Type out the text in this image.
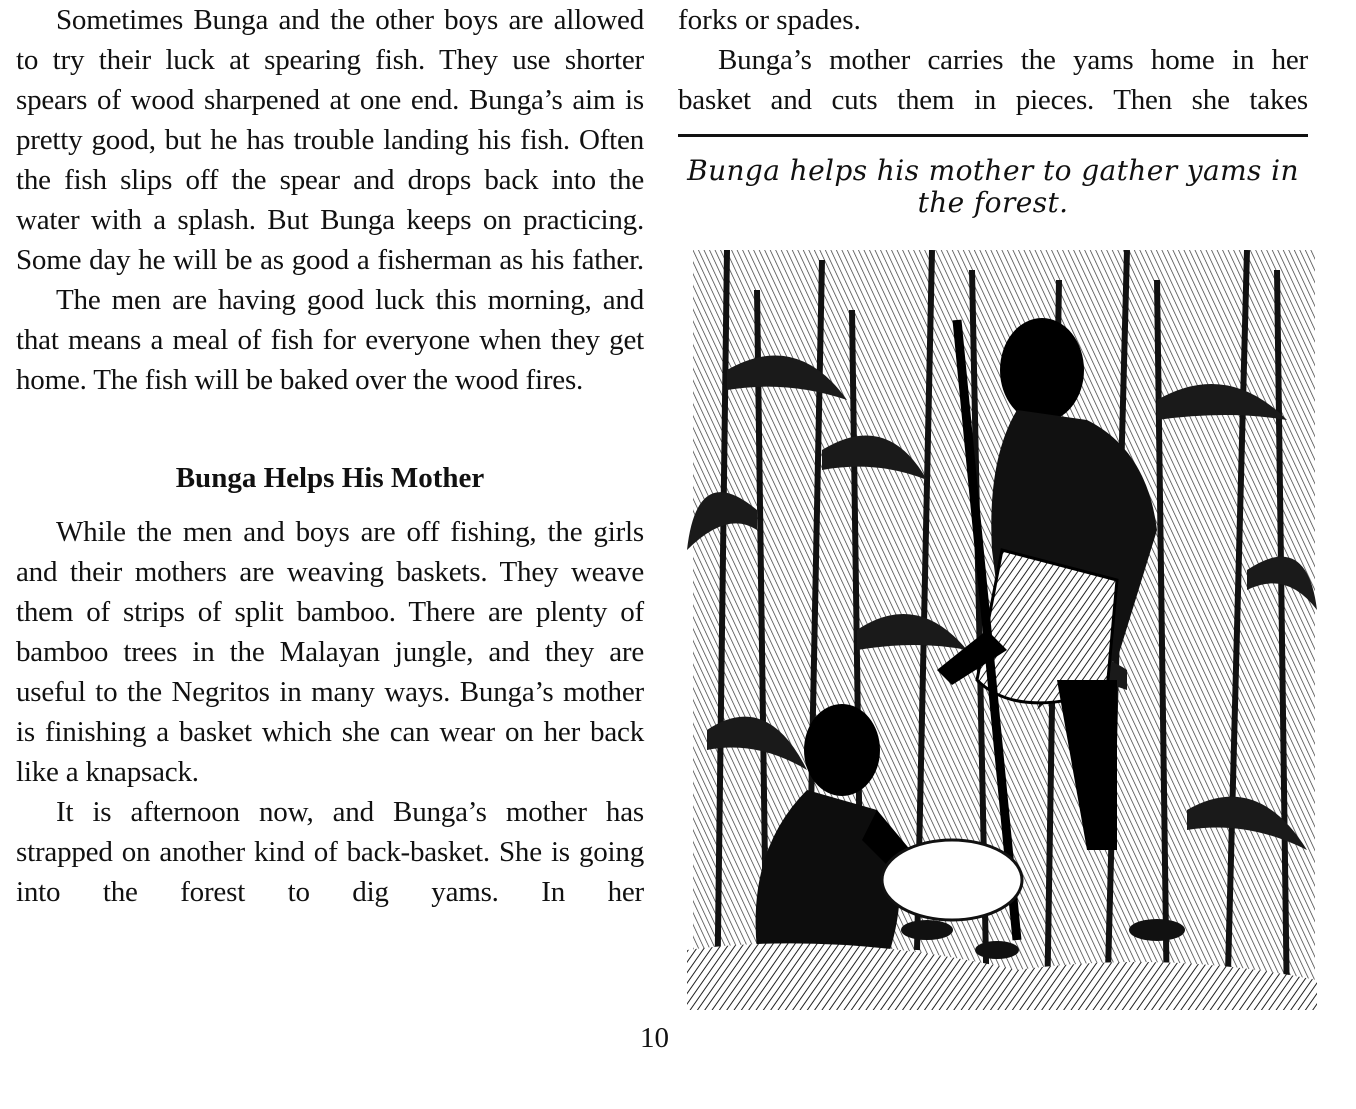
Sometimes Bunga and the other boys are allowed to try their luck at spearing fish. They use shorter spears of wood sharpened at one end. Bunga’s aim is pretty good, but he has trouble landing his fish. Often the fish slips off the spear and drops back into the water with a splash. But Bunga keeps on practicing. Some day he will be as good a fisherman as his father.

The men are having good luck this morning, and that means a meal of fish for everyone when they get home. The fish will be baked over the wood fires.

Bunga Helps His Mother

While the men and boys are off fishing, the girls and their mothers are weaving baskets. They weave them of strips of split bamboo. There are plenty of bamboo trees in the Malayan jungle, and they are useful to the Negritos in many ways. Bunga’s mother is finishing a basket which she can wear on her back like a knapsack.

It is afternoon now, and Bunga’s mother has strapped on another kind of back-basket. She is going into the forest to dig yams. In her

forks or spades.

Bunga’s mother carries the yams home in her basket and cuts them in pieces. Then she takes

Bunga helps his mother to gather yams in the forest.
10
